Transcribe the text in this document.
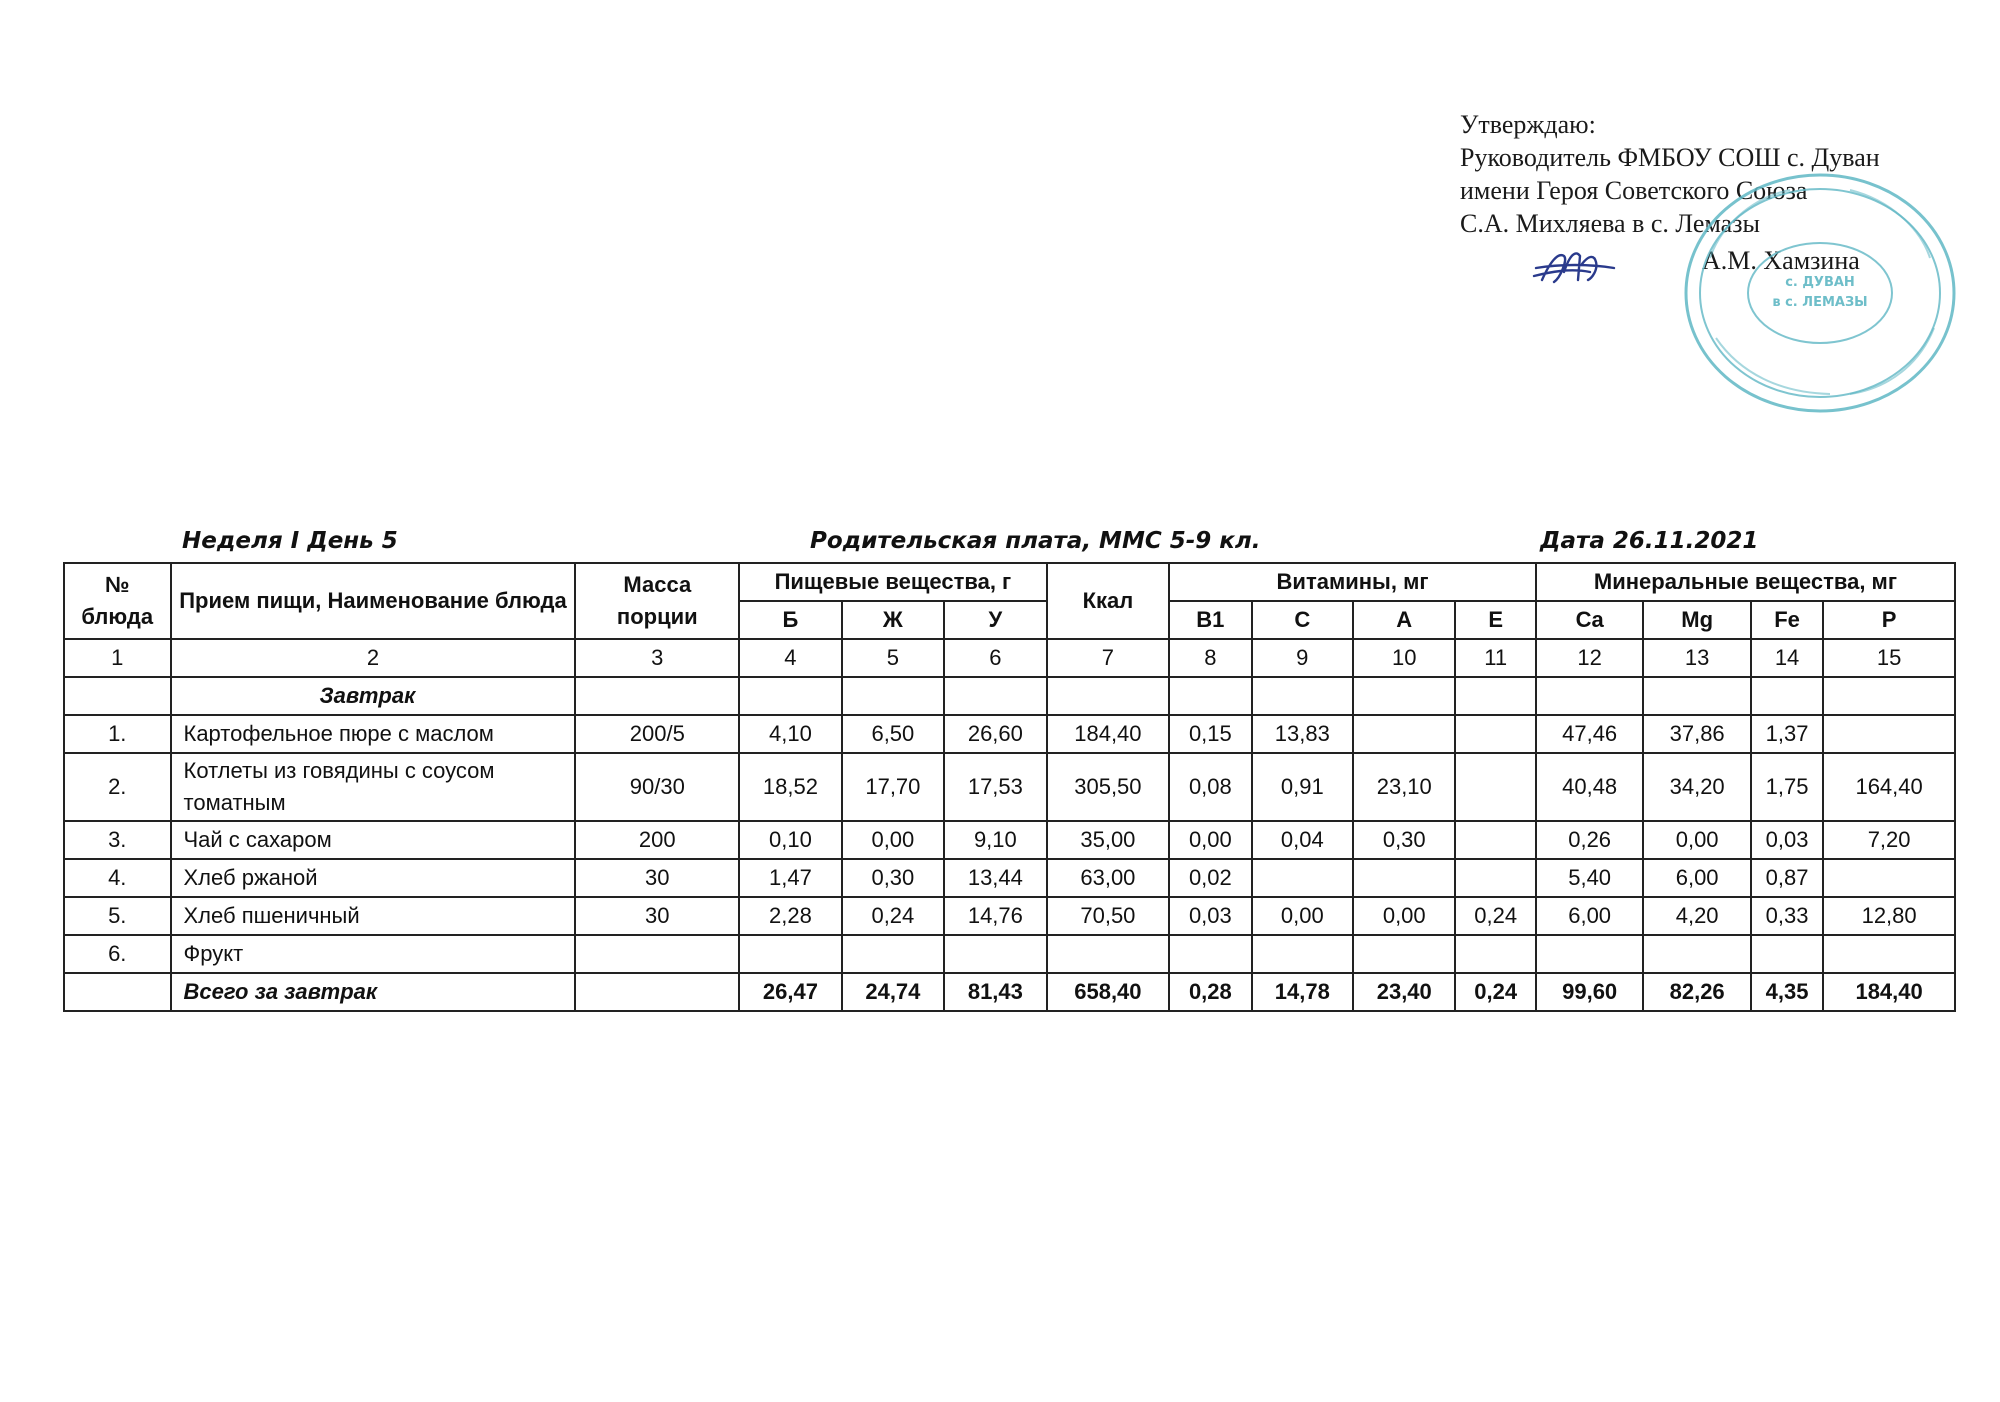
Утверждаю:
Руководитель ФМБОУ СОШ с. Дуван
имени Героя Советского Союза
С.А. Михляева в с. Лемазы
А.М. Хамзина
с. ДУВАН
в с. ЛЕМАЗЫ
Неделя I День 5	Родительская плата, ММС 5-9 кл.	Дата 26.11.2021
№ блюда	Прием пищи, Наименование блюда	Масса порции	Пищевые вещества, г			Ккал	Витамины, мг				Минеральные вещества, мг			
			Б	Ж	У		В1	С	А	Е	Ca	Mg	Fe	P
1	2	3	4	5	6	7	8	9	10	11	12	13	14	15
	Завтрак													
1.	Картофельное пюре с маслом	200/5	4,10	6,50	26,60	184,40	0,15	13,83			47,46	37,86	1,37	
2.	Котлеты из говядины с соусом томатным	90/30	18,52	17,70	17,53	305,50	0,08	0,91	23,10		40,48	34,20	1,75	164,40
3.	Чай с сахаром	200	0,10	0,00	9,10	35,00	0,00	0,04	0,30		0,26	0,00	0,03	7,20
4.	Хлеб ржаной	30	1,47	0,30	13,44	63,00	0,02				5,40	6,00	0,87	
5.	Хлеб пшеничный	30	2,28	0,24	14,76	70,50	0,03	0,00	0,00	0,24	6,00	4,20	0,33	12,80
6.	Фрукт													
	Всего за завтрак		26,47	24,74	81,43	658,40	0,28	14,78	23,40	0,24	99,60	82,26	4,35	184,40
